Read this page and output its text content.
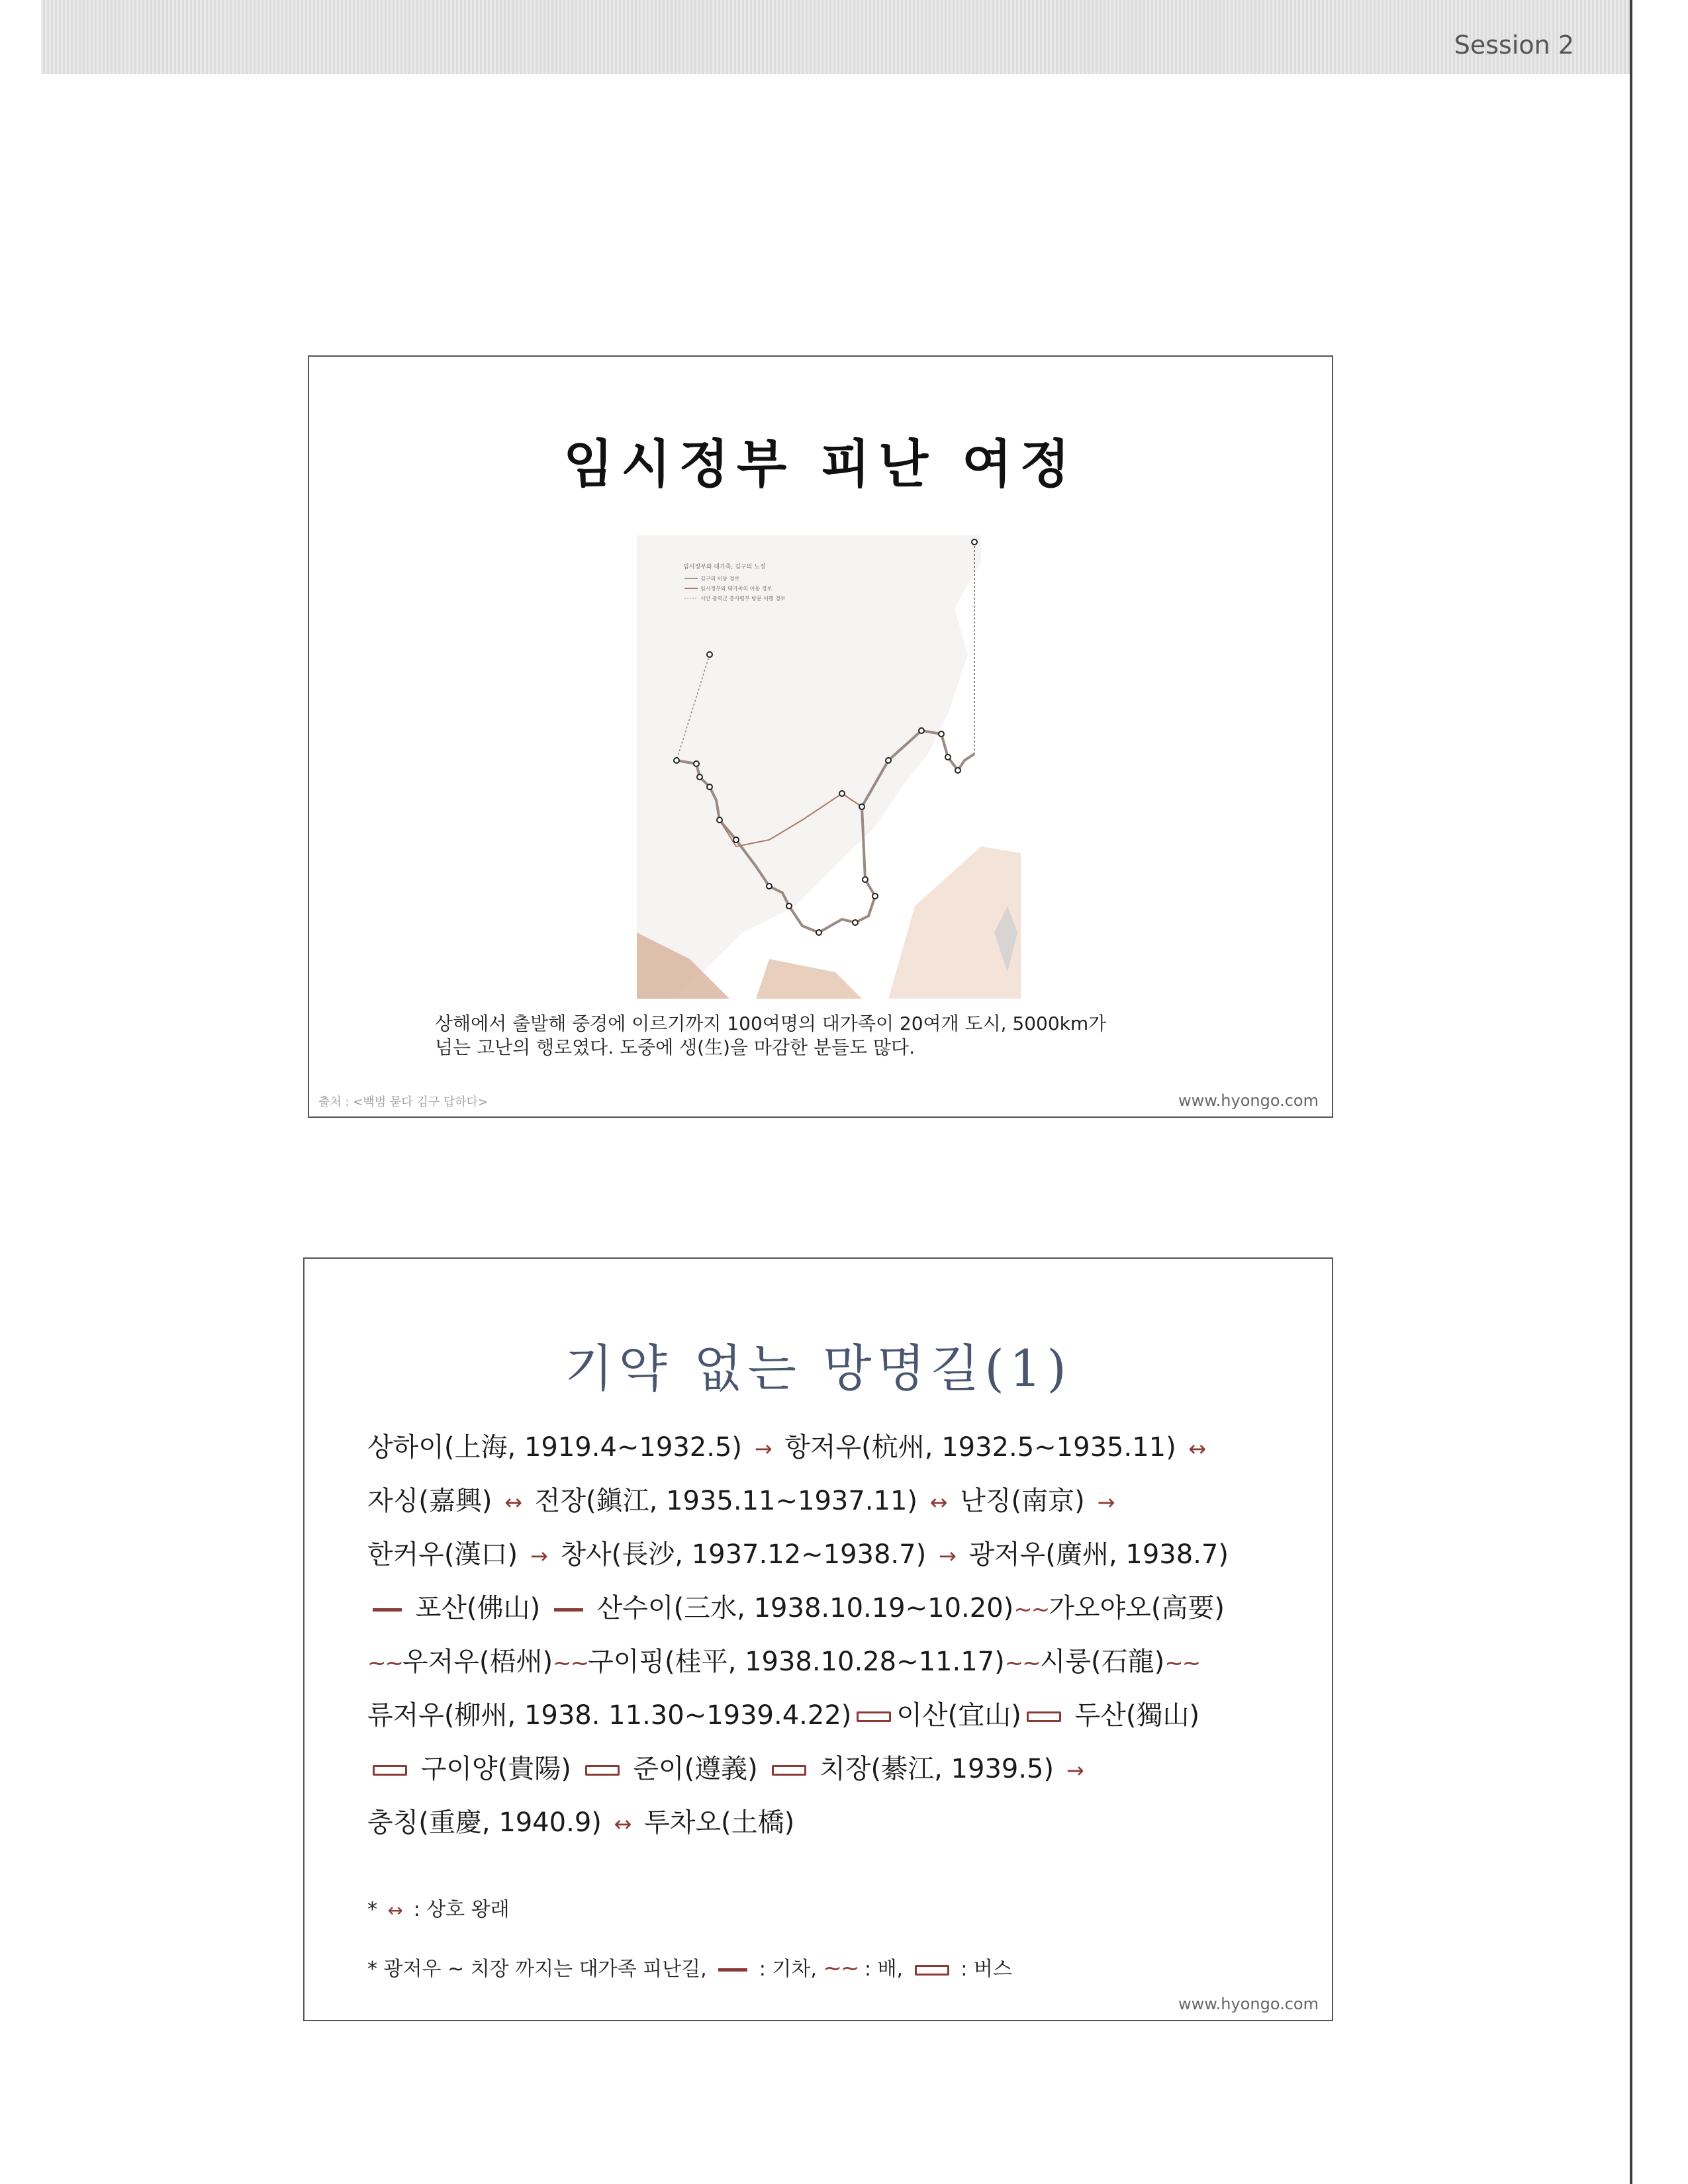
Session 2
임시정부 피난 여정
임시정부와 대가족, 김구의 노정
김구의 이동 경로
임시정부와 대가족의 이동 경로
서안 광복군 총사령부 방문 이행 경로
상해에서 출발해 중경에 이르기까지 100여명의 대가족이 20여개 도시, 5000km가
넘는 고난의 행로였다. 도중에 생(生)을 마감한 분들도 많다.
출처 : <백범 묻다 김구 답하다>	www.hyongo.com
기약 없는 망명길(1)
상하이(上海, 1919.4~1932.5) → 항저우(杭州, 1932.5~1935.11) ↔
자싱(嘉興) ↔ 전장(鎭江, 1935.11~1937.11) ↔ 난징(南京) →
한커우(漢口) → 창사(長沙, 1937.12~1938.7) → 광저우(廣州, 1938.7)
포산(佛山) 산수이(三水, 1938.10.19~10.20)~~가오야오(高要)
~~우저우(梧州)~~구이핑(桂平, 1938.10.28~11.17)~~시룽(石龍)~~
류저우(柳州, 1938. 11.30~1939.4.22) 이산(宜山) 두산(獨山)
구이양(貴陽) 준이(遵義) 치장(綦江, 1939.5) →
충칭(重慶, 1940.9) ↔ 투차오(土橋)
* ↔ : 상호 왕래
* 광저우 ~ 치장 까지는 대가족 피난길,	: 기차, ~~ : 배,	: 버스
www.hyongo.com
